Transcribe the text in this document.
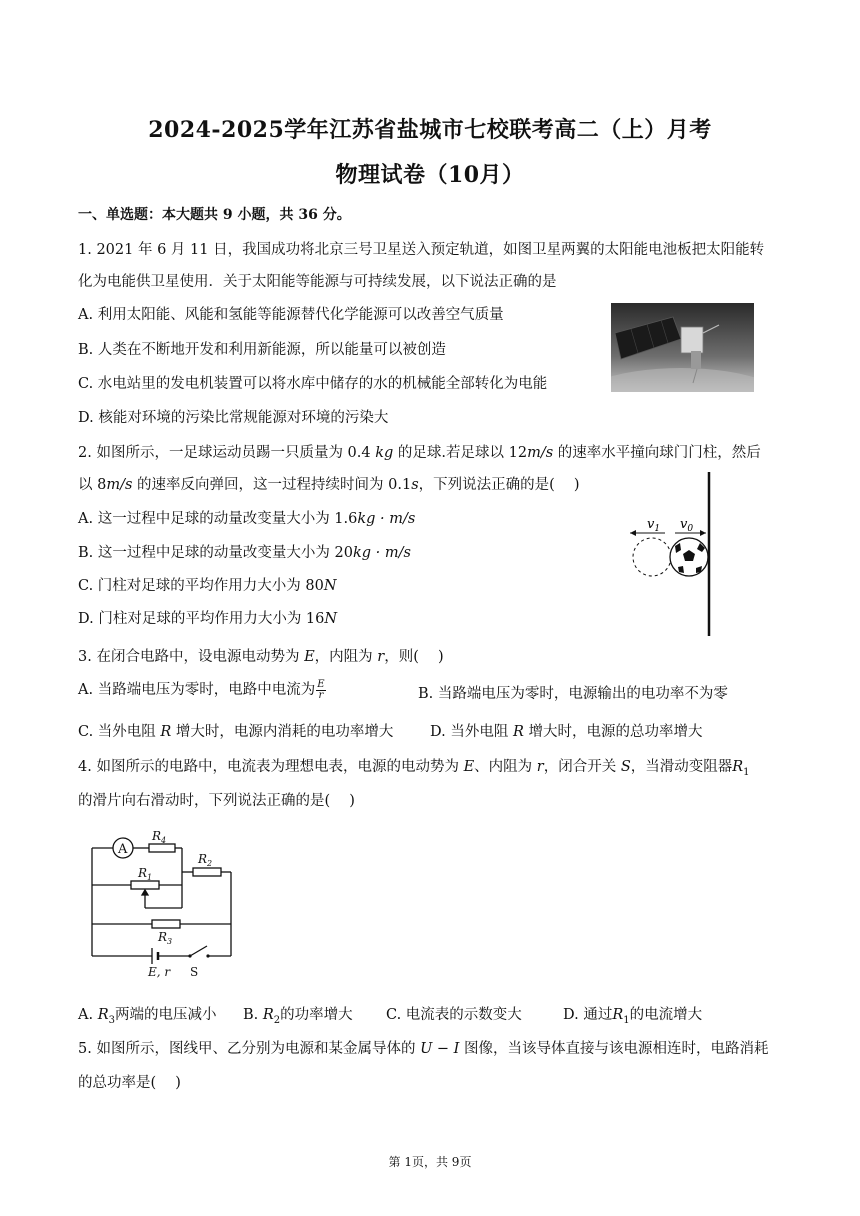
2024-2025学年江苏省盐城市七校联考高二（上）月考
物理试卷（10月）
一、单选题：本大题共 9 小题，共 36 分。
1. 2021 年 6 月 11 日，我国成功将北京三号卫星送入预定轨道，如图卫星两翼的太阳能电池板把太阳能转
化为电能供卫星使用．关于太阳能等能源与可持续发展，以下说法正确的是
A. 利用太阳能、风能和氢能等能源替代化学能源可以改善空气质量
B. 人类在不断地开发和利用新能源，所以能量可以被创造
C. 水电站里的发电机装置可以将水库中储存的水的机械能全部转化为电能
D. 核能对环境的污染比常规能源对环境的污染大
2. 如图所示，一足球运动员踢一只质量为 0.4 kg 的足球.若足球以 12m/s 的速率水平撞向球门门柱，然后
以 8m/s 的速率反向弹回，这一过程持续时间为 0.1s，下列说法正确的是(　 )
A. 这一过程中足球的动量改变量大小为 1.6kg · m/s
B. 这一过程中足球的动量改变量大小为 20kg · m/s
C. 门柱对足球的平均作用力大小为 80N
D. 门柱对足球的平均作用力大小为 16N
$v_1$ $v_0$
3. 在闭合电路中，设电源电动势为 E，内阻为 r，则(　 )
A. 当路端电压为零时，电路中电流为 $\frac{E}{r}$	B. 当路端电压为零时，电源输出的电功率不为零
C. 当外电阻 R 增大时，电源内消耗的电功率增大	D. 当外电阻 R 增大时，电源的总功率增大
4. 如图所示的电路中，电流表为理想电表，电源的电动势为 E、内阻为 r，闭合开关 S，当滑动变阻器$R_1$
的滑片向右滑动时，下列说法正确的是(　 )
A
$R_4$
$R_1$
$R_2$
$R_3$
E, r S
A. $R_3$两端的电压减小 B. $R_2$的功率增大 C. 电流表的示数变大	D. 通过$R_1$的电流增大
5. 如图所示，图线甲、乙分别为电源和某金属导体的 U − I 图像，当该导体直接与该电源相连时，电路消耗
的总功率是(　 )
第 1页，共 9页
